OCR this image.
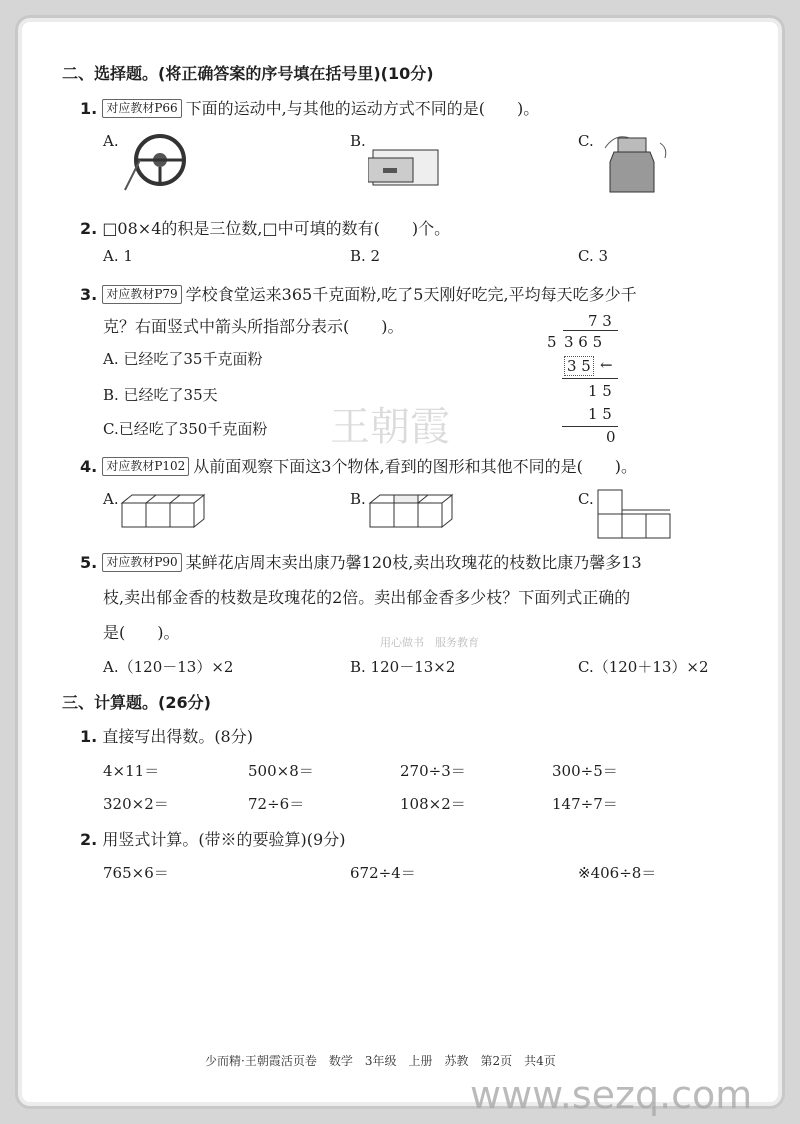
王朝霞
用心做书　服务教育
二、选择题。(将正确答案的序号填在括号里)(10分)
1. 对应教材P66 下面的运动中,与其他的运动方式不同的是(　　)。
A.	B.	C.
2. □08×4的积是三位数,□中可填的数有(　　)个。
A. 1	B. 2	C. 3
3. 对应教材P79 学校食堂运来365千克面粉,吃了5天刚好吃完,平均每天吃多少千
克？右面竖式中箭头所指部分表示(　　)。
A. 已经吃了35千克面粉
B. 已经吃了35天
C.已经吃了350千克面粉
7 3
5 3 6 5
3 5 ←
1 5
1 5
0
4. 对应教材P102 从前面观察下面这3个物体,看到的图形和其他不同的是(　　)。
A.	B.	C.
5. 对应教材P90 某鲜花店周末卖出康乃馨120枝,卖出玫瑰花的枝数比康乃馨多13
枝,卖出郁金香的枝数是玫瑰花的2倍。卖出郁金香多少枝？下面列式正确的
是(　　)。
A.（120－13）×2	B. 120－13×2	C.（120＋13）×2
三、计算题。(26分)
1. 直接写出得数。(8分)
4×11＝	500×8＝	270÷3＝	300÷5＝
320×2＝	72÷6＝	108×2＝	147÷7＝
2. 用竖式计算。(带※的要验算)(9分)
765×6＝	672÷4＝	※406÷8＝
少而精·王朝霞活页卷　数学　3年级　上册　苏教　第2页　共4页
www.sezq.com
